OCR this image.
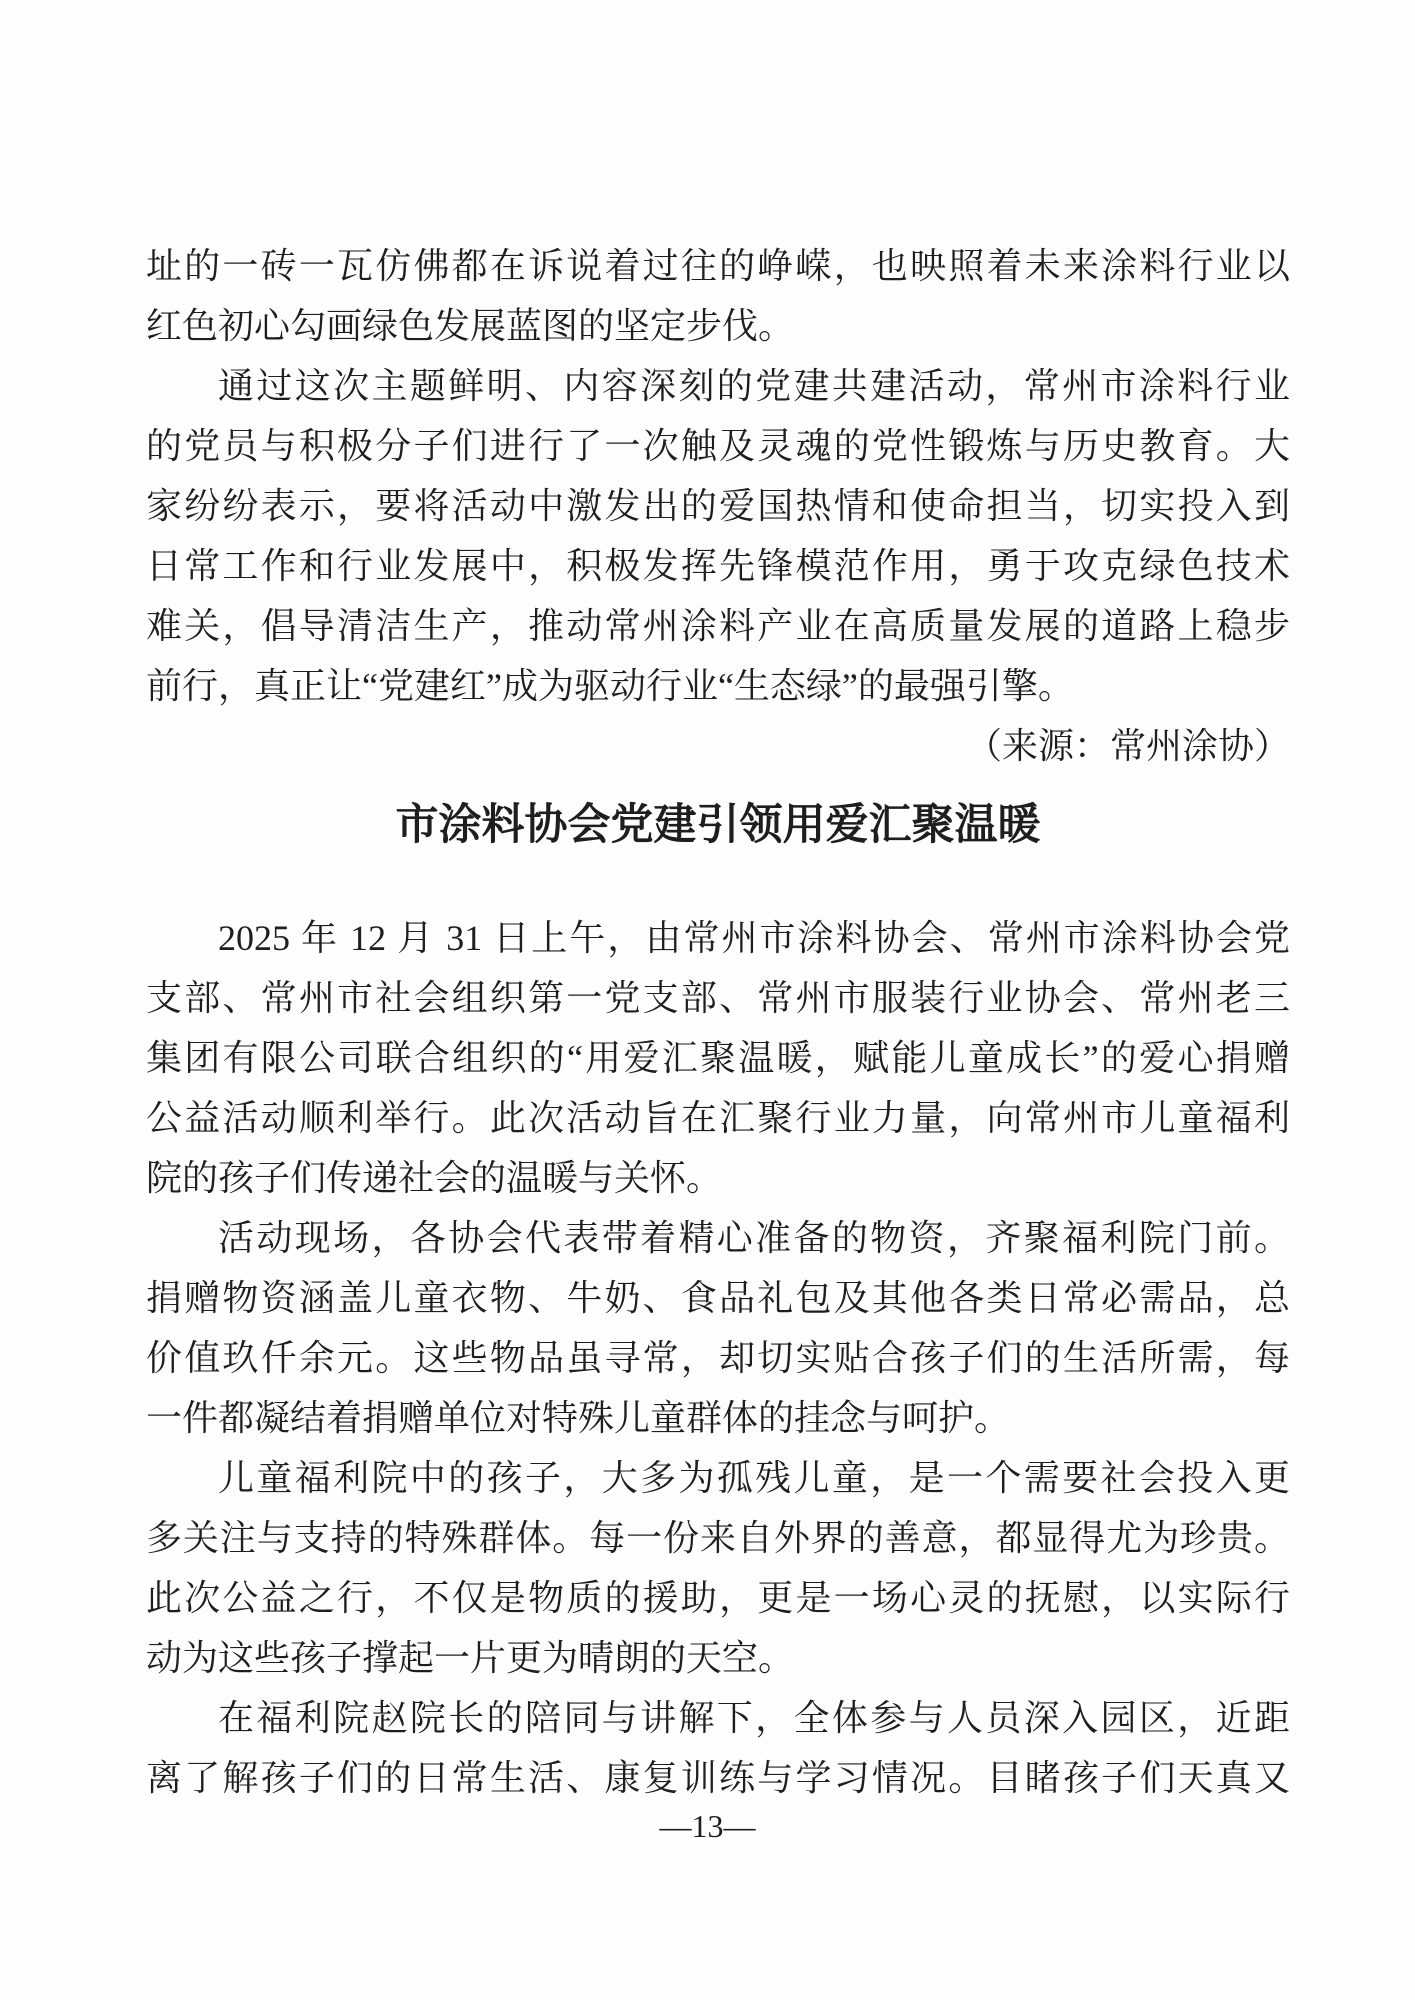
址的一砖一瓦仿佛都在诉说着过往的峥嵘，也映照着未来涂料行业以
红色初心勾画绿色发展蓝图的坚定步伐。
通过这次主题鲜明、内容深刻的党建共建活动，常州市涂料行业
的党员与积极分子们进行了一次触及灵魂的党性锻炼与历史教育。大
家纷纷表示，要将活动中激发出的爱国热情和使命担当，切实投入到
日常工作和行业发展中，积极发挥先锋模范作用，勇于攻克绿色技术
难关，倡导清洁生产，推动常州涂料产业在高质量发展的道路上稳步
前行，真正让“党建红”成为驱动行业“生态绿”的最强引擎。
（来源：常州涂协）
市涂料协会党建引领用爱汇聚温暖
2025 年 12 月 31 日上午，由常州市涂料协会、常州市涂料协会党
支部、常州市社会组织第一党支部、常州市服装行业协会、常州老三
集团有限公司联合组织的“用爱汇聚温暖，赋能儿童成长”的爱心捐赠
公益活动顺利举行。此次活动旨在汇聚行业力量，向常州市儿童福利
院的孩子们传递社会的温暖与关怀。
活动现场，各协会代表带着精心准备的物资，齐聚福利院门前。
捐赠物资涵盖儿童衣物、牛奶、食品礼包及其他各类日常必需品，总
价值玖仟余元。这些物品虽寻常，却切实贴合孩子们的生活所需，每
一件都凝结着捐赠单位对特殊儿童群体的挂念与呵护。
儿童福利院中的孩子，大多为孤残儿童，是一个需要社会投入更
多关注与支持的特殊群体。每一份来自外界的善意，都显得尤为珍贵。
此次公益之行，不仅是物质的援助，更是一场心灵的抚慰，以实际行
动为这些孩子撑起一片更为晴朗的天空。
在福利院赵院长的陪同与讲解下，全体参与人员深入园区，近距
离了解孩子们的日常生活、康复训练与学习情况。目睹孩子们天真又
—13—
